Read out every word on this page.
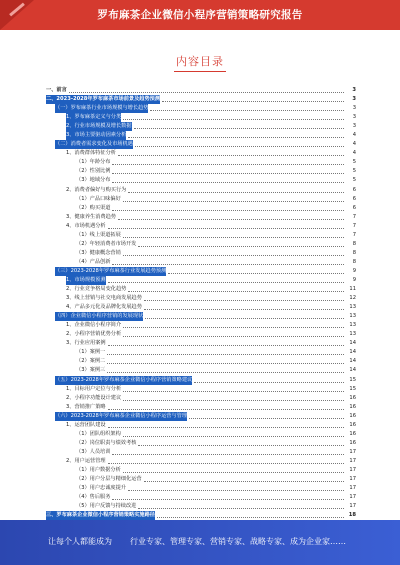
罗布麻茶企业微信小程序营销策略研究报告
内容目录
一、前言	3
二、2023-2028年罗布麻茶市场前景及趋势预测	3
（一）罗布麻茶行业市场规模与增长趋势	3
1、罗布麻茶定义与分类	3
2、行业市场规模及增长数据	3
3、市场主要驱动因素分析	4
（二）消费者需求变化及市场机遇	4
1、消费群体特征分析	4
（1）年龄分布	5
（2）性别比例	5
（3）地域分布	5
2、消费者偏好与购买行为	6
（1）产品口味偏好	6
（2）购买渠道	6
3、健康养生消费趋势	7
4、市场机遇分析	7
（1）线上渠道拓展	7
（2）年轻消费者市场开发	8
（3）健康概念营销	8
（4）产品创新	8
（三）2023-2028年罗布麻茶行业发展趋势预测	9
1、市场规模预测	9
2、行业竞争格局变化趋势	11
3、线上营销与社交电商发展趋势	12
4、产品多元化及品牌化发展趋势	13
（四）企业微信小程序营销的发展现状	13
1、企业微信小程序简介	13
2、小程序营销优势分析	13
3、行业应用案例	14
（1）案例一	14
（2）案例二	14
（3）案例三	14
（五）2023-2028年罗布麻茶企业微信小程序营销策略建议	15
1、目标用户定位与分析	15
2、小程序功能设计建议	16
3、营销推广策略	16
（六）2023-2028年罗布麻茶企业微信小程序运营与管理	16
1、运营团队建设	16
（1）团队组织架构	16
（2）岗位职责与绩效考核	16
（3）人员培训	17
2、用户运营管理	17
（1）用户数据分析	17
（2）用户分层与精细化运营	17
（3）用户忠诚度提升	17
（4）售后服务	17
（5）用户反馈与持续改进	17
三、罗布麻茶企业微信小程序营销策略实施路径	18
让每个人都能成为 行业专家、管理专家、营销专家、战略专家、成为企业家……
